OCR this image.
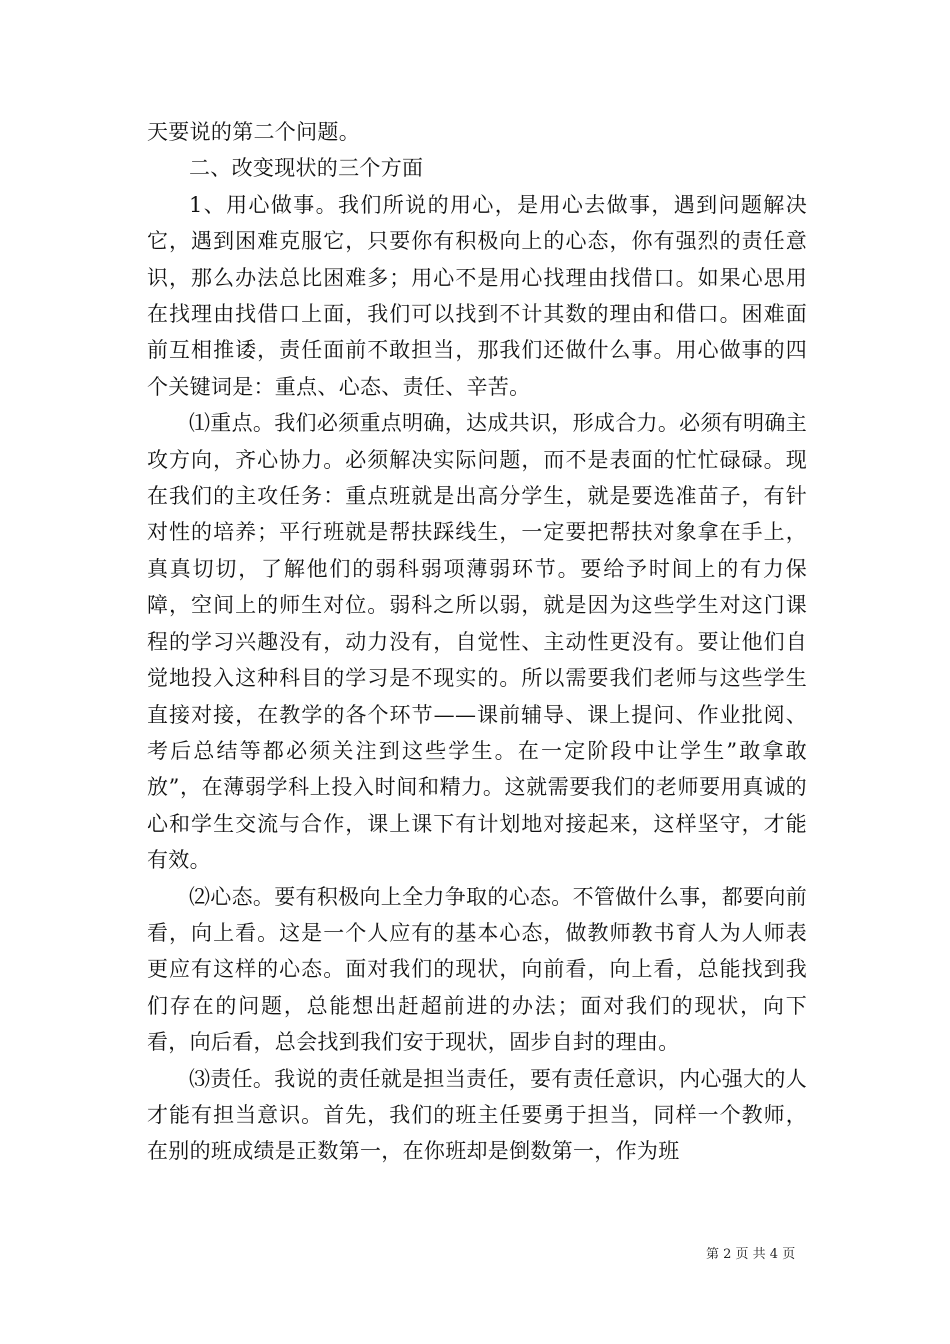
天要说的第二个问题。

二、改变现状的三个方面

1、用心做事。我们所说的用心，是用心去做事，遇到问题解决它，遇到困难克服它，只要你有积极向上的心态，你有强烈的责任意识，那么办法总比困难多；用心不是用心找理由找借口。如果心思用在找理由找借口上面，我们可以找到不计其数的理由和借口。困难面前互相推诿，责任面前不敢担当，那我们还做什么事。用心做事的四个关键词是：重点、心态、责任、辛苦。

⑴重点。我们必须重点明确，达成共识，形成合力。必须有明确主攻方向，齐心协力。必须解决实际问题，而不是表面的忙忙碌碌。现在我们的主攻任务：重点班就是出高分学生，就是要选准苗子，有针对性的培养；平行班就是帮扶踩线生，一定要把帮扶对象拿在手上，真真切切，了解他们的弱科弱项薄弱环节。要给予时间上的有力保障，空间上的师生对位。弱科之所以弱，就是因为这些学生对这门课程的学习兴趣没有，动力没有，自觉性、主动性更没有。要让他们自觉地投入这种科目的学习是不现实的。所以需要我们老师与这些学生直接对接，在教学的各个环节——课前辅导、课上提问、作业批阅、考后总结等都必须关注到这些学生。在一定阶段中让学生”敢拿敢放”，在薄弱学科上投入时间和精力。这就需要我们的老师要用真诚的心和学生交流与合作，课上课下有计划地对接起来，这样坚守，才能有效。

⑵心态。要有积极向上全力争取的心态。不管做什么事，都要向前看，向上看。这是一个人应有的基本心态，做教师教书育人为人师表更应有这样的心态。面对我们的现状，向前看，向上看，总能找到我们存在的问题，总能想出赶超前进的办法；面对我们的现状，向下看，向后看，总会找到我们安于现状，固步自封的理由。

⑶责任。我说的责任就是担当责任，要有责任意识，内心强大的人才能有担当意识。首先，我们的班主任要勇于担当，同样一个教师，在别的班成绩是正数第一，在你班却是倒数第一，作为班

第 2 页 共 4 页
